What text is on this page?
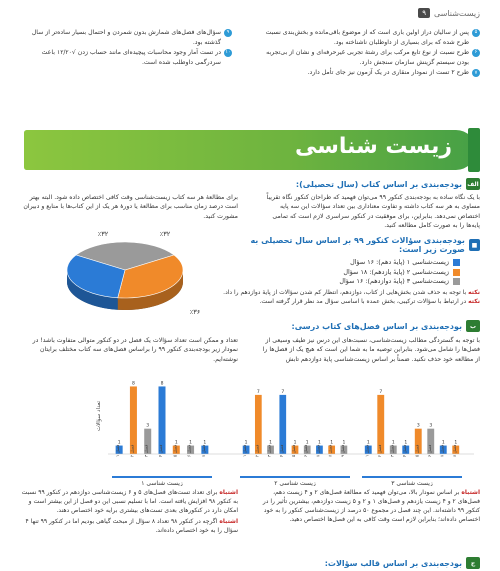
زیست‌شناسی
۹
۵
پس از سالیان دراز اولین باری است که از موضوع باقی‌مانده و بخش‌بندی نسبت طرح شده که برای بسیاری از داوطلبان ناشناخته بود.
۶
طرح نسبت از نوع تابع مرکب برای رشتهٔ تجربی غیرحرفه‌ای و نشان از بی‌تجربه بودن سیستم گزینش سازمان سنجش دارد.
۷
طرح ۲ تست از نمودار منقاری در یک آزمون نیز جای تأمل دارد.
۹
سؤال‌های فصل‌های شمارش بدون شمردن و احتمال بسیار ساده‌تر از سال گذشته بود.
۱۰
در تست آمار وجود محاسبات پیچیده‌ای مانند حساب زدن √۱۲/۲۰ باعث سردرگمی داوطلب شده است.
زیست شناسی
الف
بودجه‌بندی بر اساس کتاب (سال تحصیلی):
با یک نگاه ساده به بودجه‌بندی کنکور ۹۹ می‌توان فهمید که طراحان کنکور نگاه تقریباً مساوی به هر سه کتاب داشته و تفاوت معناداری بین تعداد سؤالات این سه پایه اختصاص نمی‌دهد. بنابراین، برای موفقیت در کنکور سراسری لازم است که تمامی پایه‌ها را به صورت کامل مطالعه کنید.
برای مطالعهٔ هر سه کتاب زیست‌شناسی وقت کافی اختصاص داده شود. البته بهتر است درصد زمان مناسب برای مطالعهٔ یا دورهٔ هر یک از این کتاب‌ها با منابع و دبیران مشورت کنید.
٪۳۲	٪۳۲
٪۳۶
■
بودجه‌بندی سؤالات کنکور ۹۹ بر اساس سال تحصیلی به صورت زیر است:
زیست‌شناسی ۱ (پایهٔ دهم): ۱۶ سؤال
زیست‌شناسی ۲ (پایهٔ یازدهم): ۱۸ سؤال
زیست‌شناسی ۳ (پایهٔ دوازدهم): ۱۶ سؤال
نکته با توجه به حذف شدن بخش‌هایی از کتاب، دوازدهم، انتظار کم شدن سؤالات از پایهٔ دوازدهم را داد.
نکته در ارتباط با سؤالات ترکیبی، بخش عمده با اساسی سؤال مد نظر قرار گرفته است.
ب
بودجه‌بندی بر اساس فصل‌های کتاب درسی:
با توجه به گستردگی مطالب زیست‌شناسی، نسبت‌های این درس نیز طیف وسیعی از فصل‌ها را شامل می‌شود. بنابراین توصیه ما به شما این است که هیچ یک از فصل‌ها را از مطالعه خود حذف نکنید. ضمناً بر اساس زیست‌شناسی پایهٔ دوازدهم تابش
تعداد و ممکن است تعداد سؤالات یک فصل در دو کنکور متوالی متفاوت باشد! در نمودار زیر بودجه‌بندی کنکور ۹۹ را براساس فصل‌های سه کتاب مختلف برایتان نوشته‌ایم.
تعداد سؤالات
زیست شناسی ۱
1
فصل ۱
8
فصل ۲
3
فصل ۳
8
فصل ۴
1
فصل ۵
1
فصل ۶
1
فصل ۷
زیست شناسی ۲
1
فصل ۱
7
فصل ۲
1
فصل ۳
7
فصل ۴
1
فصل ۵
1
فصل ۶
1
فصل ۷
1
فصل ۸
1
فصل ۹
زیست شناسی ۳
1
فصل ۱
7
فصل ۲
1
فصل ۳
1
فصل ۴
3
فصل ۵
3
فصل ۶
1
فصل ۷
1
فصل ۸
اشتباه بر اساس نمودار بالا، می‌توان فهمید که مطالعهٔ فصل‌های ۲ و ۴ زیست دهم، فصل‌های ۲ و ۴ زیست یازدهم و فصل‌های ۱ و ۲ و ۵ زیست دوازدهم، بیشترین تأثیر را در کنکور ۹۹ داشته‌اند. این چند فصل در مجموع ۵۰ درصد از زیست‌شناسی کنکور را به خود اختصاص داده‌اند؛ بنابراین لازم است وقت کافی به این فصل‌ها اختصاص دهید.
اشتباه برای تعداد تست‌های فصل‌های ۵ و ۶ زیست‌شناسی دوازدهم در کنکور ۹۹ نسبت به کنکور ۹۸ افزایش یافته است. اما با تسلیم نسبی این دو فصل از این بیشتر است و امکان دارد در کنکورهای بعدی تست‌های بیشتری برایه خود اختصاص دهند.
اشتباه اگرچه در کنکور ۹۸ تعداد ۸ سؤال از مبحث گیاهی بودیم اما در کنکور ۹۹ تنها ۴ سؤال را به خود اختصاص داده‌اند.
ج
بودجه‌بندی بر اساس قالب سؤالات:
